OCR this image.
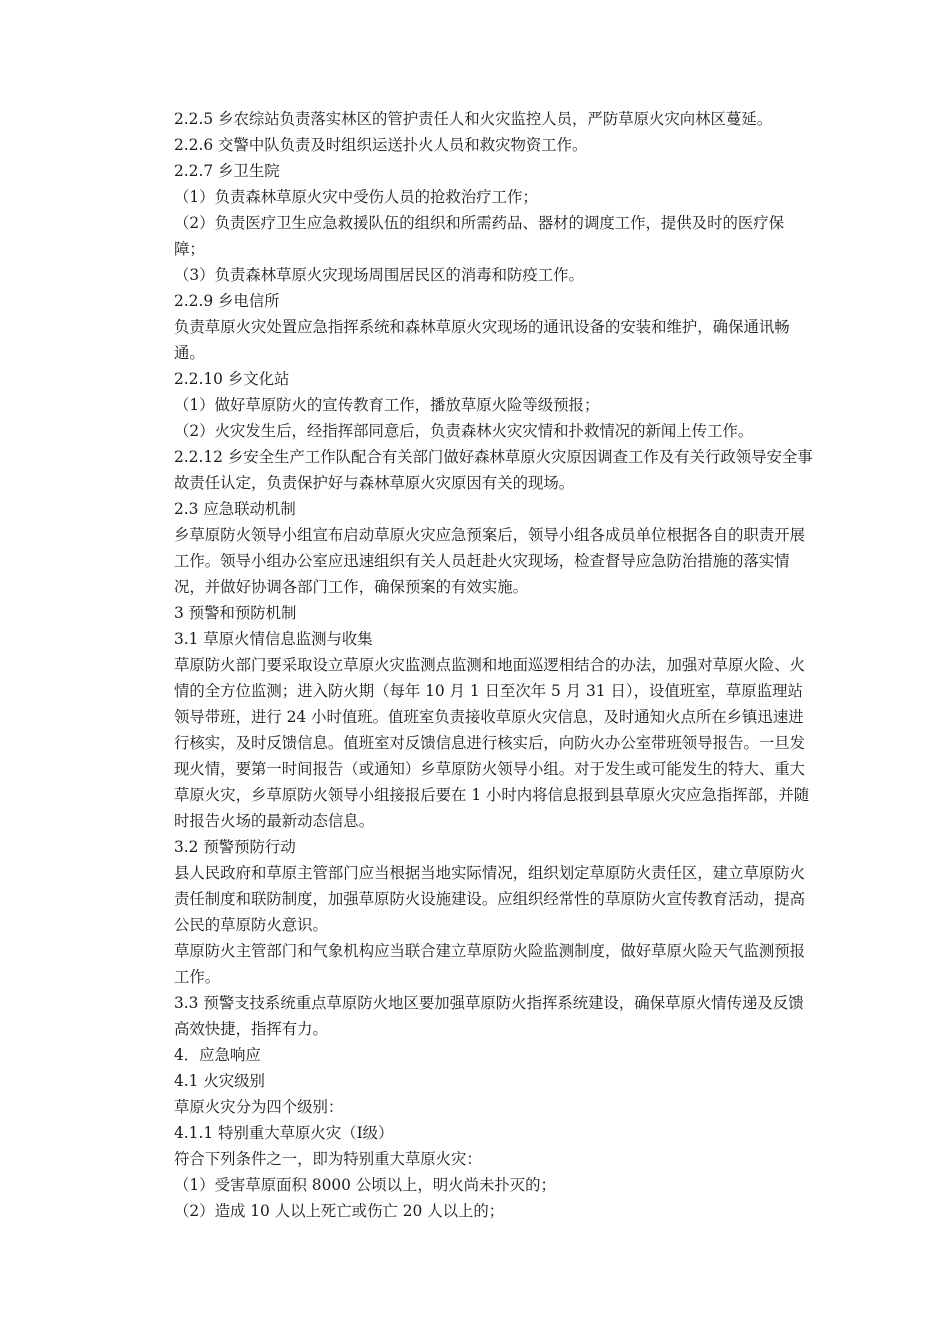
2.2.5 乡农综站负责落实林区的管护责任人和火灾监控人员，严防草原火灾向林区蔓延。

2.2.6 交警中队负责及时组织运送扑火人员和救灾物资工作。

2.2.7 乡卫生院

（1）负责森林草原火灾中受伤人员的抢救治疗工作；

（2）负责医疗卫生应急救援队伍的组织和所需药品、器材的调度工作，提供及时的医疗保障；

（3）负责森林草原火灾现场周围居民区的消毒和防疫工作。

2.2.9 乡电信所

负责草原火灾处置应急指挥系统和森林草原火灾现场的通讯设备的安装和维护，确保通讯畅通。

2.2.10 乡文化站

（1）做好草原防火的宣传教育工作，播放草原火险等级预报；

（2）火灾发生后，经指挥部同意后，负责森林火灾灾情和扑救情况的新闻上传工作。

2.2.12 乡安全生产工作队配合有关部门做好森林草原火灾原因调查工作及有关行政领导安全事故责任认定，负责保护好与森林草原火灾原因有关的现场。

2.3 应急联动机制

乡草原防火领导小组宣布启动草原火灾应急预案后，领导小组各成员单位根据各自的职责开展工作。领导小组办公室应迅速组织有关人员赶赴火灾现场，检查督导应急防治措施的落实情况，并做好协调各部门工作，确保预案的有效实施。

3 预警和预防机制

3.1 草原火情信息监测与收集

草原防火部门要采取设立草原火灾监测点监测和地面巡逻相结合的办法，加强对草原火险、火情的全方位监测；进入防火期（每年 10 月 1 日至次年 5 月 31 日），设值班室，草原监理站领导带班，进行 24 小时值班。值班室负责接收草原火灾信息，及时通知火点所在乡镇迅速进行核实，及时反馈信息。值班室对反馈信息进行核实后，向防火办公室带班领导报告。一旦发现火情，要第一时间报告（或通知）乡草原防火领导小组。对于发生或可能发生的特大、重大草原火灾，乡草原防火领导小组接报后要在 1 小时内将信息报到县草原火灾应急指挥部，并随时报告火场的最新动态信息。

3.2 预警预防行动

县人民政府和草原主管部门应当根据当地实际情况，组织划定草原防火责任区，建立草原防火责任制度和联防制度，加强草原防火设施建设。应组织经常性的草原防火宣传教育活动，提高公民的草原防火意识。

草原防火主管部门和气象机构应当联合建立草原防火险监测制度，做好草原火险天气监测预报工作。

3.3 预警支技系统重点草原防火地区要加强草原防火指挥系统建设，确保草原火情传递及反馈高效快捷，指挥有力。

4．应急响应

4.1 火灾级别

草原火灾分为四个级别：

4.1.1 特别重大草原火灾（Ⅰ级）

符合下列条件之一，即为特别重大草原火灾：

（1）受害草原面积 8000 公顷以上，明火尚未扑灭的；

（2）造成 10 人以上死亡或伤亡 20 人以上的；
